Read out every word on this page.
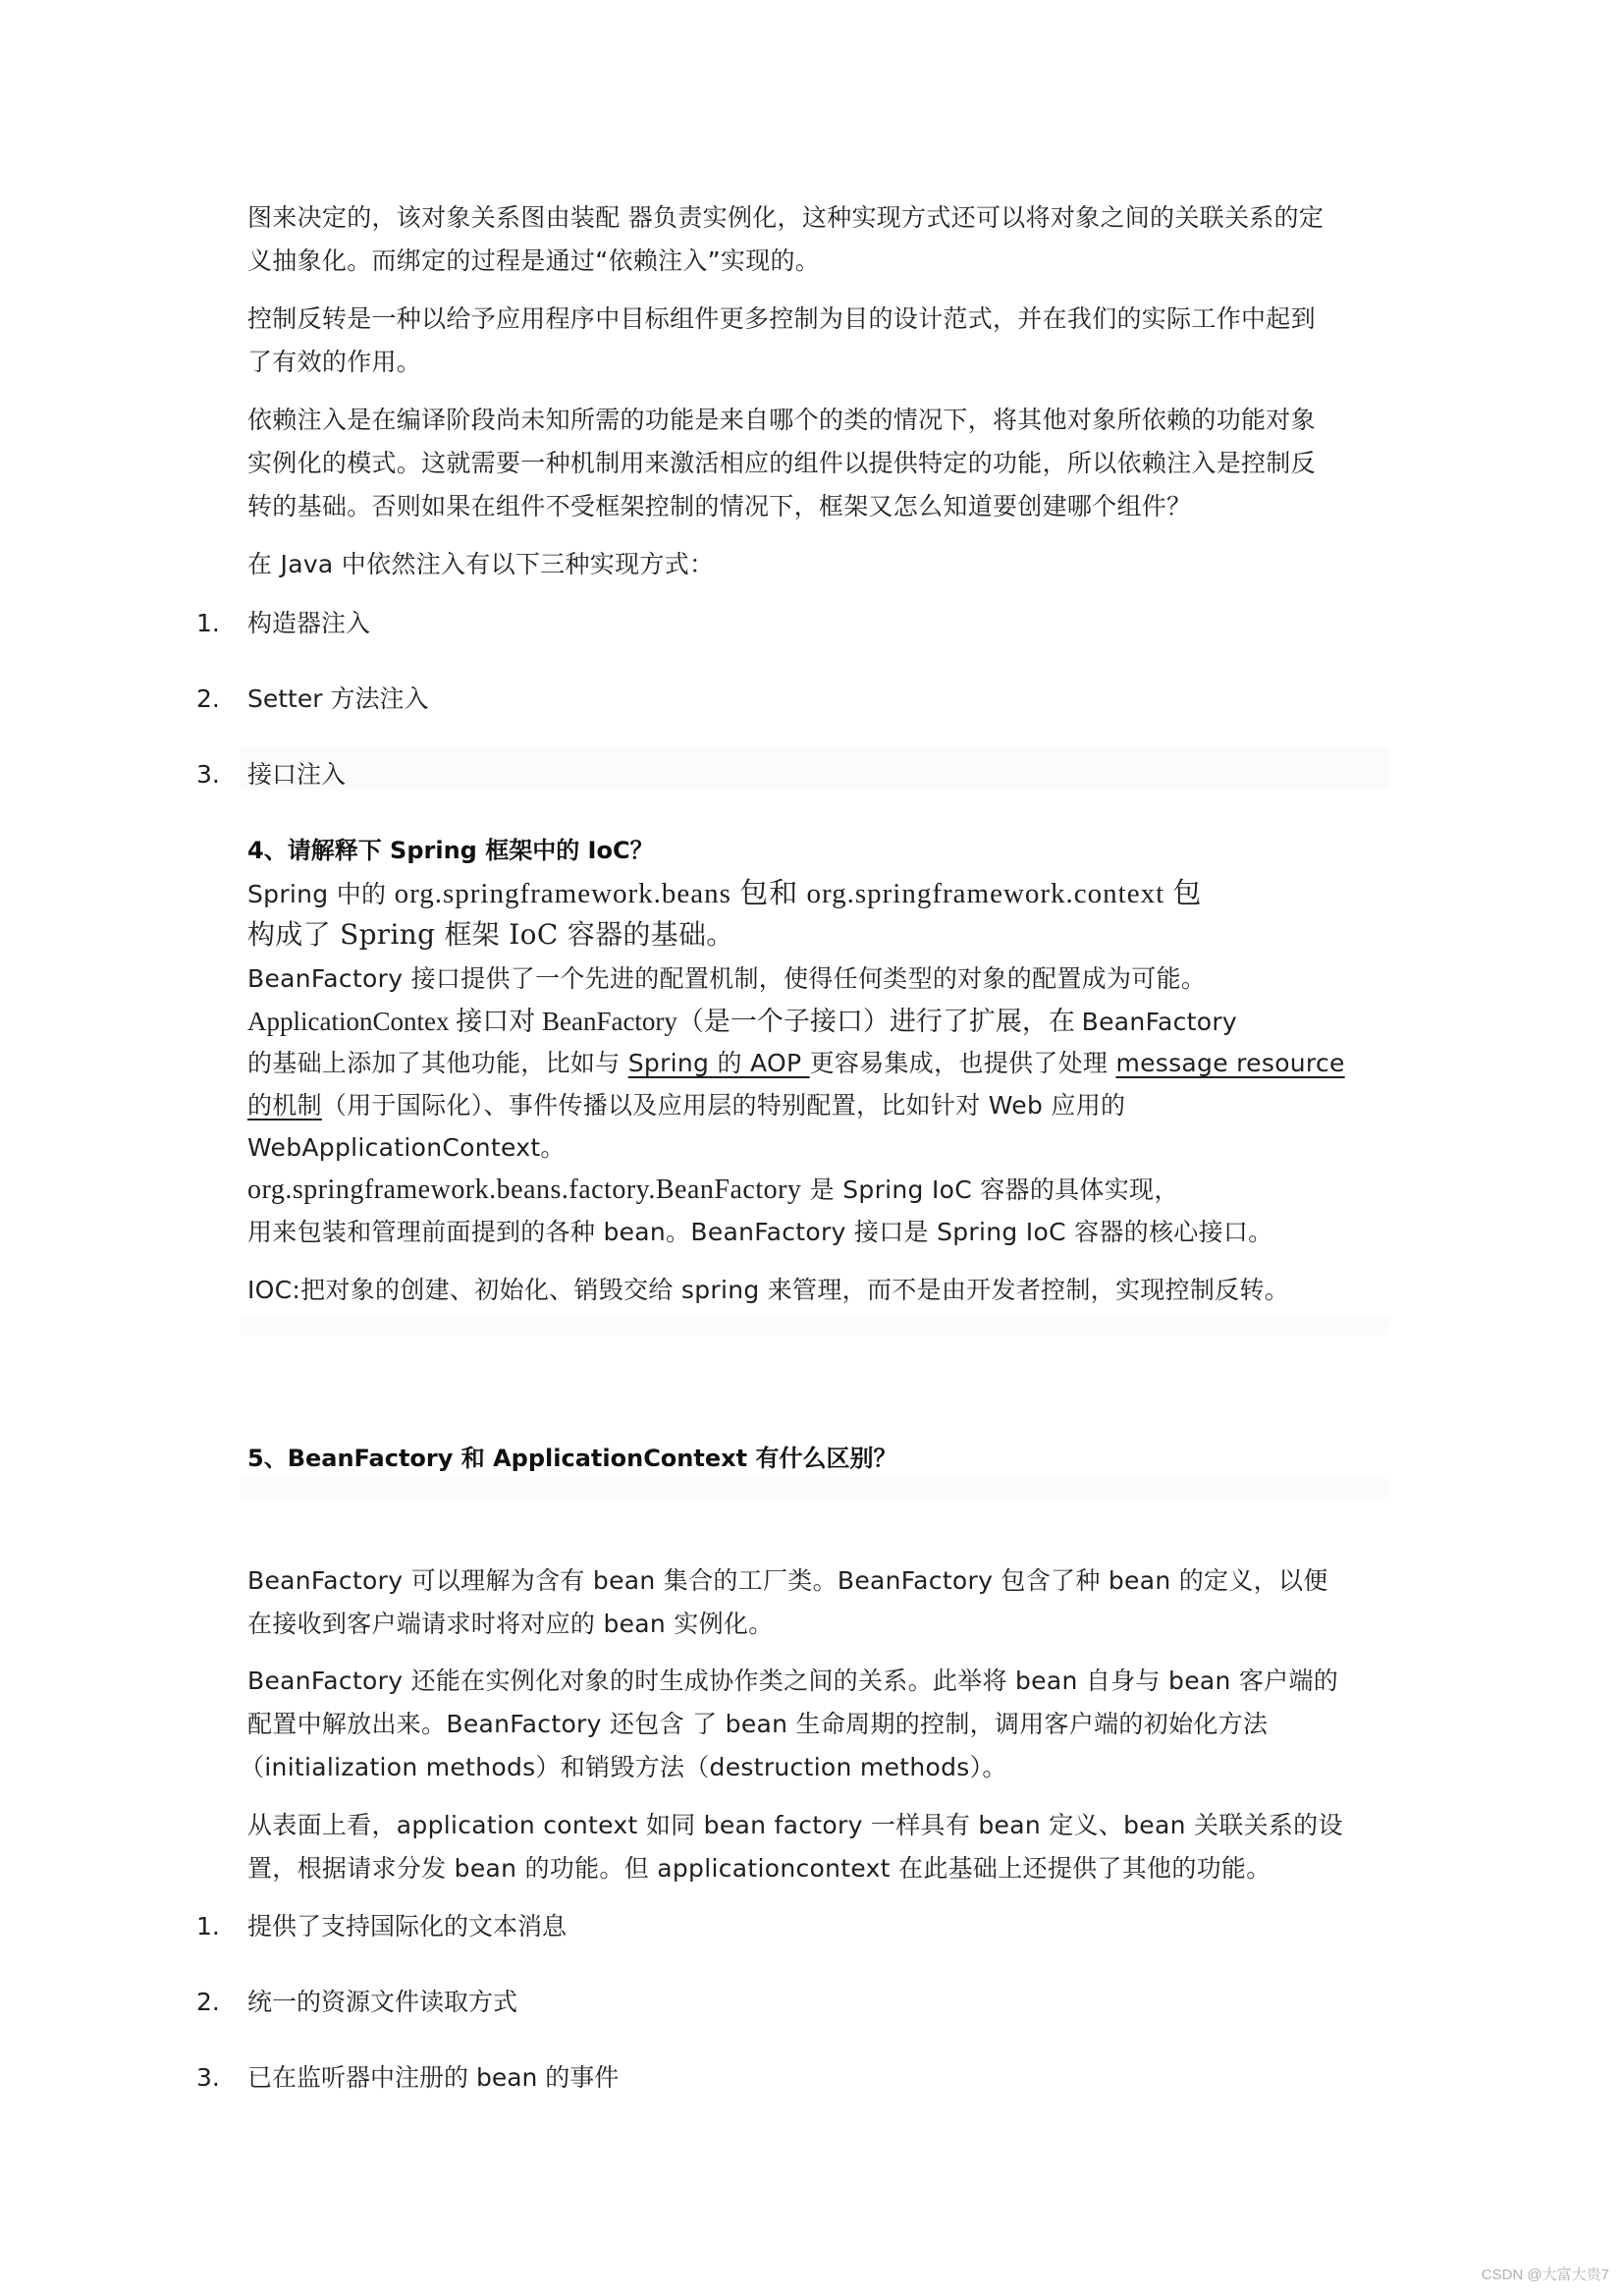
图来决定的，该对象关系图由装配 器负责实例化，这种实现方式还可以将对象之间的关联关系的定
义抽象化。而绑定的过程是通过“依赖注入”实现的。
控制反转是一种以给予应用程序中目标组件更多控制为目的设计范式，并在我们的实际工作中起到
了有效的作用。
依赖注入是在编译阶段尚未知所需的功能是来自哪个的类的情况下，将其他对象所依赖的功能对象
实例化的模式。这就需要一种机制用来激活相应的组件以提供特定的功能，所以依赖注入是控制反
转的基础。否则如果在组件不受框架控制的情况下，框架又怎么知道要创建哪个组件？
在 Java 中依然注入有以下三种实现方式：
1. 构造器注入
2. Setter 方法注入
3. 接口注入
4、请解释下 Spring 框架中的 IoC？
Spring 中的 org.springframework.beans 包和 org.springframework.context 包
构成了 Spring 框架 IoC 容器的基础。
BeanFactory 接口提供了一个先进的配置机制，使得任何类型的对象的配置成为可能。
ApplicationContex 接口对 BeanFactory（是一个子接口）进行了扩展，在 BeanFactory
的基础上添加了其他功能，比如与 Spring 的 AOP 更容易集成，也提供了处理 message resource
的机制（用于国际化）、事件传播以及应用层的特别配置，比如针对 Web 应用的
WebApplicationContext。
org.springframework.beans.factory.BeanFactory 是 Spring IoC 容器的具体实现，
用来包装和管理前面提到的各种 bean。BeanFactory 接口是 Spring IoC 容器的核心接口。
IOC:把对象的创建、初始化、销毁交给 spring 来管理，而不是由开发者控制，实现控制反转。
5、BeanFactory 和 ApplicationContext 有什么区别？
BeanFactory 可以理解为含有 bean 集合的工厂类。BeanFactory 包含了种 bean 的定义，以便
在接收到客户端请求时将对应的 bean 实例化。
BeanFactory 还能在实例化对象的时生成协作类之间的关系。此举将 bean 自身与 bean 客户端的
配置中解放出来。BeanFactory 还包含 了 bean 生命周期的控制，调用客户端的初始化方法
（initialization methods）和销毁方法（destruction methods）。
从表面上看，application context 如同 bean factory 一样具有 bean 定义、bean 关联关系的设
置，根据请求分发 bean 的功能。但 applicationcontext 在此基础上还提供了其他的功能。
1. 提供了支持国际化的文本消息
2. 统一的资源文件读取方式
3. 已在监听器中注册的 bean 的事件
CSDN @大富大贵7
